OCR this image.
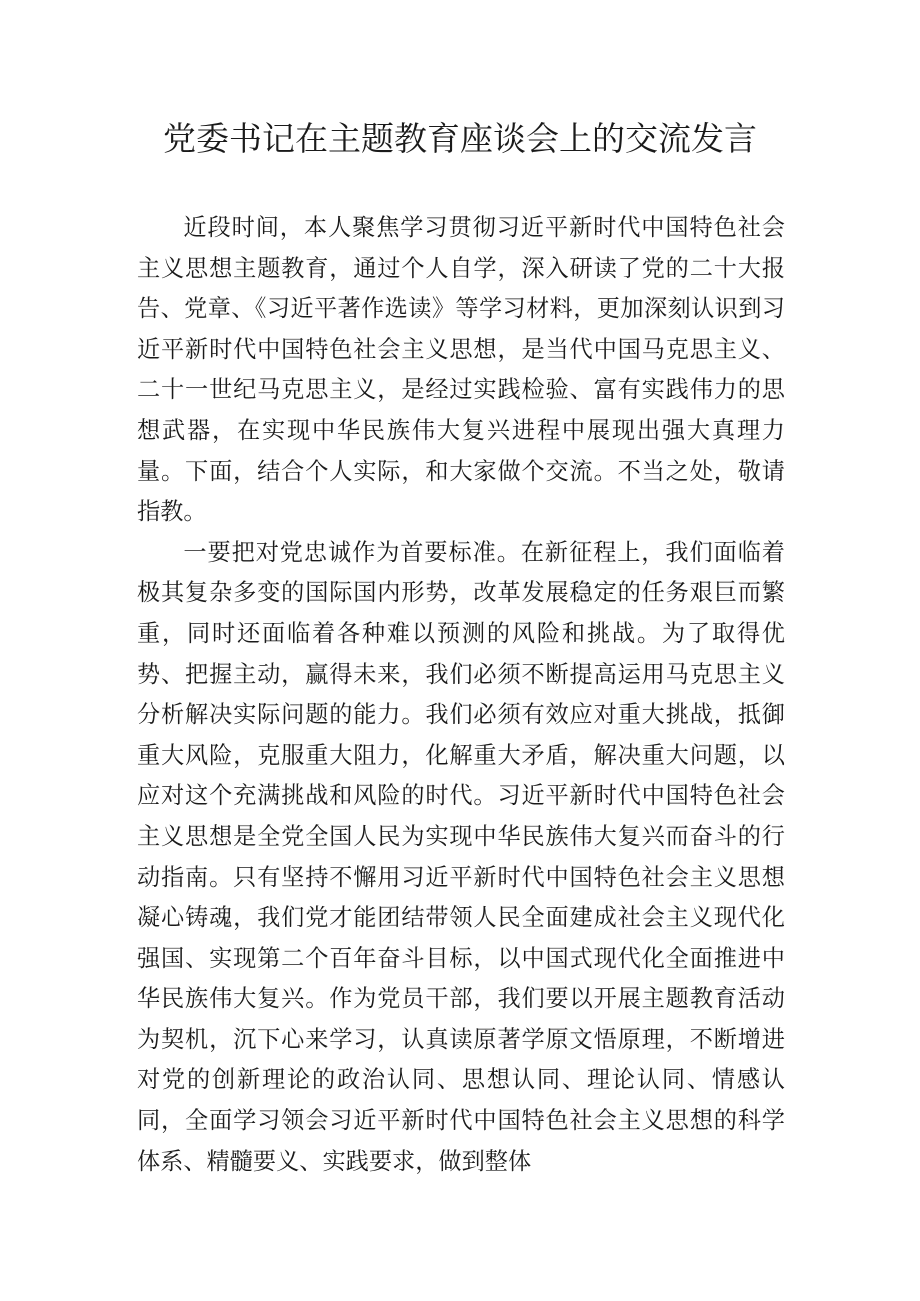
党委书记在主题教育座谈会上的交流发言

近段时间，本人聚焦学习贯彻习近平新时代中国特色社会主义思想主题教育，通过个人自学，深入研读了党的二十大报告、党章、《习近平著作选读》等学习材料，更加深刻认识到习近平新时代中国特色社会主义思想，是当代中国马克思主义、二十一世纪马克思主义，是经过实践检验、富有实践伟力的思想武器，在实现中华民族伟大复兴进程中展现出强大真理力量。下面，结合个人实际，和大家做个交流。不当之处，敬请指教。

一要把对党忠诚作为首要标准。在新征程上，我们面临着极其复杂多变的国际国内形势，改革发展稳定的任务艰巨而繁重，同时还面临着各种难以预测的风险和挑战。为了取得优势、把握主动，赢得未来，我们必须不断提高运用马克思主义分析解决实际问题的能力。我们必须有效应对重大挑战，抵御重大风险，克服重大阻力，化解重大矛盾，解决重大问题，以应对这个充满挑战和风险的时代。习近平新时代中国特色社会主义思想是全党全国人民为实现中华民族伟大复兴而奋斗的行动指南。只有坚持不懈用习近平新时代中国特色社会主义思想凝心铸魂，我们党才能团结带领人民全面建成社会主义现代化强国、实现第二个百年奋斗目标，以中国式现代化全面推进中华民族伟大复兴。作为党员干部，我们要以开展主题教育活动为契机，沉下心来学习，认真读原著学原文悟原理，不断增进对党的创新理论的政治认同、思想认同、理论认同、情感认同，全面学习领会习近平新时代中国特色社会主义思想的科学体系、精髓要义、实践要求，做到整体
